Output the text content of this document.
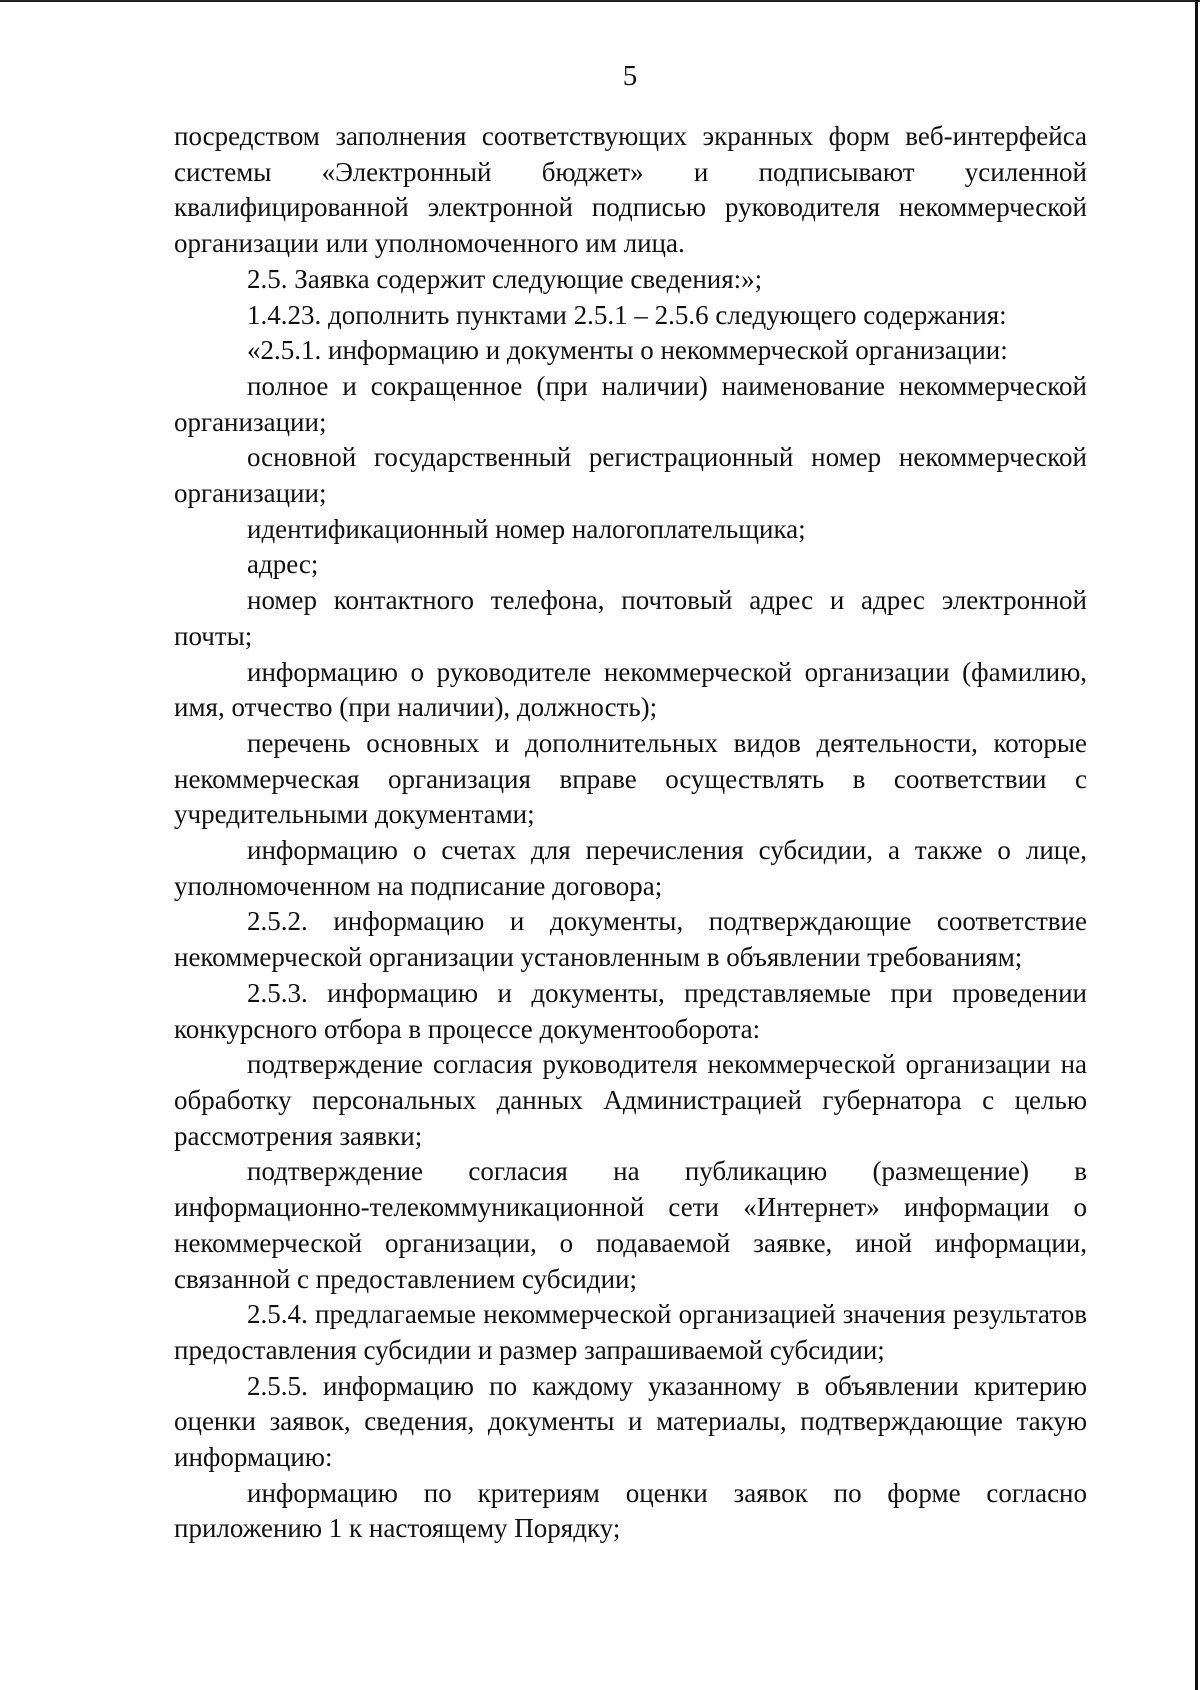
5

посредством заполнения соответствующих экранных форм веб-интерфейса системы «Электронный бюджет» и подписывают усиленной квалифицированной электронной подписью руководителя некоммерческой организации или уполномоченного им лица.

2.5. Заявка содержит следующие сведения:»;

1.4.23. дополнить пунктами 2.5.1 – 2.5.6 следующего содержания:

«2.5.1. информацию и документы о некоммерческой организации:

полное и сокращенное (при наличии) наименование некоммерческой организации;

основной государственный регистрационный номер некоммерческой организации;

идентификационный номер налогоплательщика;

адрес;

номер контактного телефона, почтовый адрес и адрес электронной почты;

информацию о руководителе некоммерческой организации (фамилию, имя, отчество (при наличии), должность);

перечень основных и дополнительных видов деятельности, которые некоммерческая организация вправе осуществлять в соответствии с учредительными документами;

информацию о счетах для перечисления субсидии, а также о лице, уполномоченном на подписание договора;

2.5.2. информацию и документы, подтверждающие соответствие некоммерческой организации установленным в объявлении требованиям;

2.5.3. информацию и документы, представляемые при проведении конкурсного отбора в процессе документооборота:

подтверждение согласия руководителя некоммерческой организации на обработку персональных данных Администрацией губернатора с целью рассмотрения заявки;

подтверждение согласия на публикацию (размещение) в информационно-телекоммуникационной сети «Интернет» информации о некоммерческой организации, о подаваемой заявке, иной информации, связанной с предоставлением субсидии;

2.5.4. предлагаемые некоммерческой организацией значения результатов предоставления субсидии и размер запрашиваемой субсидии;

2.5.5. информацию по каждому указанному в объявлении критерию оценки заявок, сведения, документы и материалы, подтверждающие такую информацию:

информацию по критериям оценки заявок по форме согласно приложению 1 к настоящему Порядку;
